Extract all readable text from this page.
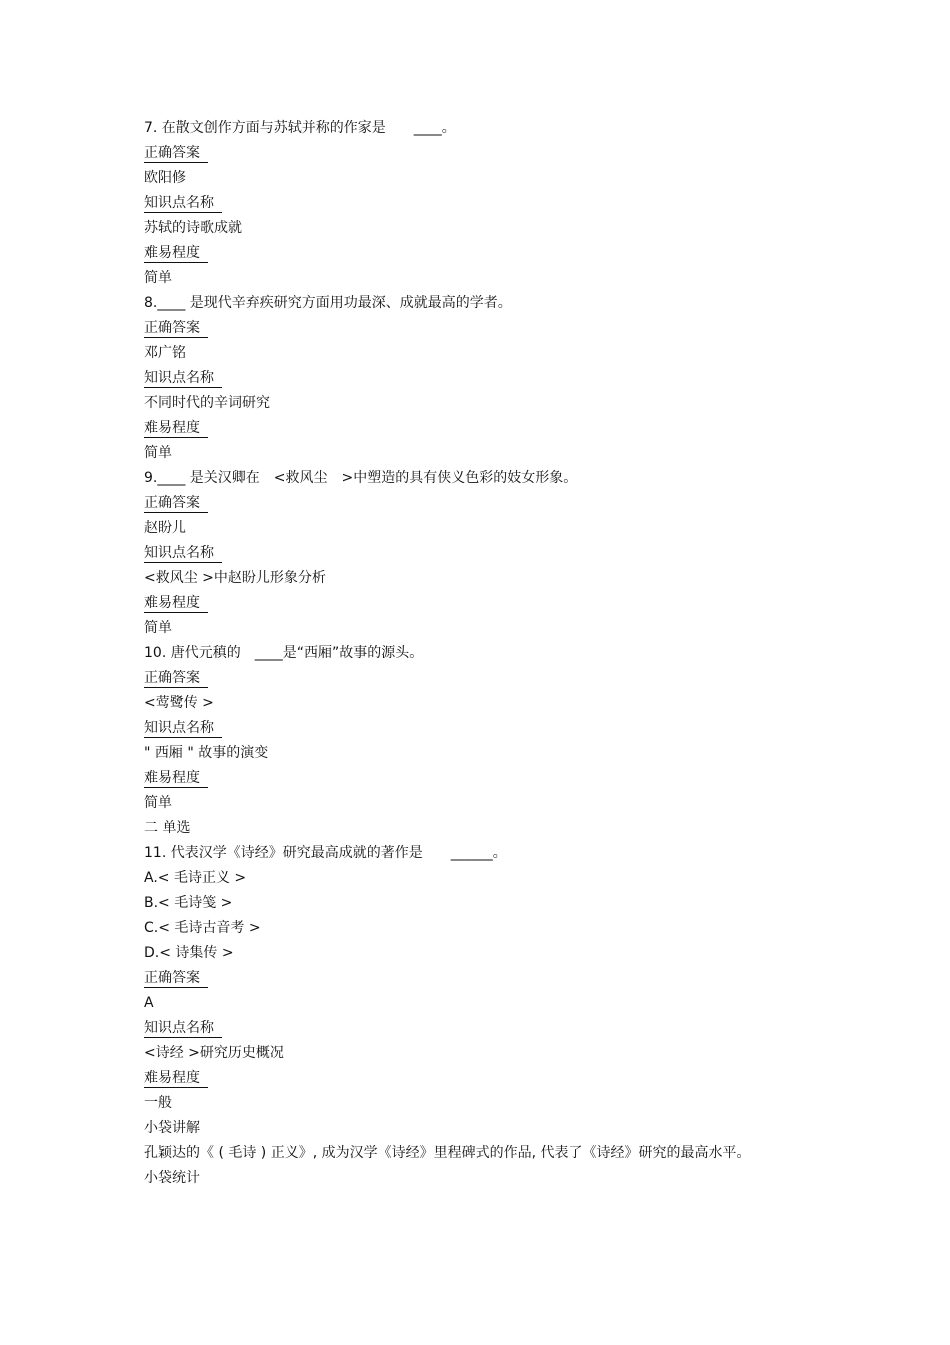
7. 在散文创作方面与苏轼并称的作家是　　____。
正确答案
欧阳修
知识点名称
苏轼的诗歌成就
难易程度
简单
8.____ 是现代辛弃疾研究方面用功最深、成就最高的学者。
正确答案
邓广铭
知识点名称
不同时代的辛词研究
难易程度
简单
9.____ 是关汉卿在　<救风尘　>中塑造的具有侠义色彩的妓女形象。
正确答案
赵盼儿
知识点名称
<救风尘 >中赵盼儿形象分析
难易程度
简单
10. 唐代元稹的　____是“西厢”故事的源头。
正确答案
<莺鹭传 >
知识点名称
" 西厢 " 故事的演变
难易程度
简单
二 单选
11. 代表汉学《诗经》研究最高成就的著作是　　______。
A.< 毛诗正义 >
B.< 毛诗笺 >
C.< 毛诗古音考 >
D.< 诗集传 >
正确答案
A
知识点名称
<诗经 >研究历史概况
难易程度
一般
小袋讲解
孔颖达的《 ( 毛诗 ) 正义》, 成为汉学《诗经》里程碑式的作品, 代表了《诗经》研究的最高水平。
小袋统计
